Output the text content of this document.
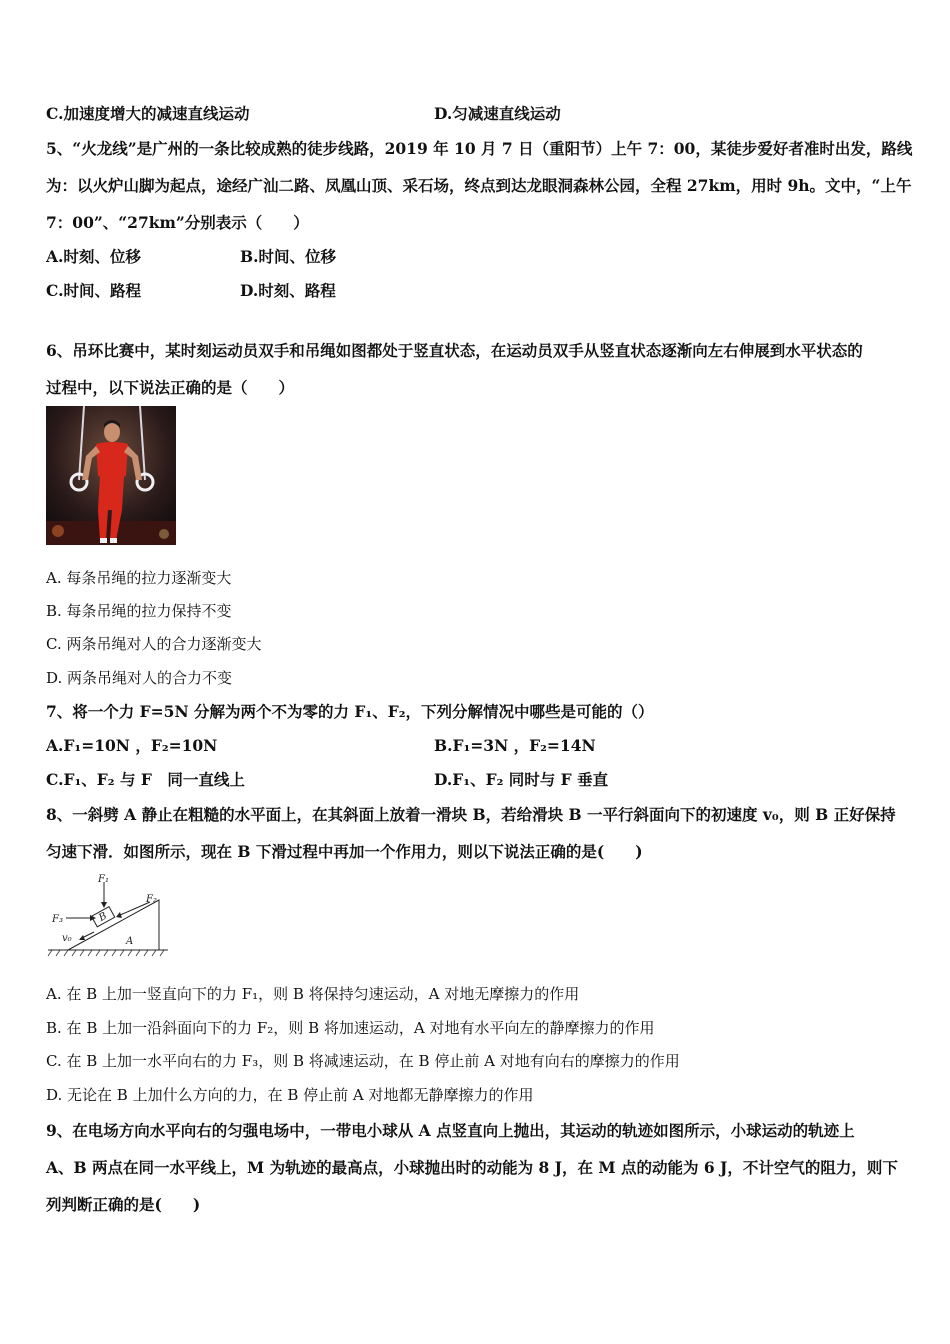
C.加速度增大的减速直线运动	D.匀减速直线运动
5、“火龙线”是广州的一条比较成熟的徒步线路，2019 年 10 月 7 日（重阳节）上午 7：00，某徒步爱好者准时出发，路线
为：以火炉山脚为起点，途经广汕二路、凤凰山顶、采石场，终点到达龙眼洞森林公园，全程 27km，用时 9h。文中，“上午
7：00”、“27km”分别表示（　　）
A.时刻、位移	B.时间、位移
C.时间、路程	D.时刻、路程
6、吊环比赛中，某时刻运动员双手和吊绳如图都处于竖直状态，在运动员双手从竖直状态逐渐向左右伸展到水平状态的
过程中，以下说法正确的是（　　）
A. 每条吊绳的拉力逐渐变大
B. 每条吊绳的拉力保持不变
C. 两条吊绳对人的合力逐渐变大
D. 两条吊绳对人的合力不变
7、将一个力 F=5N 分解为两个不为零的力 F₁、F₂，下列分解情况中哪些是可能的（）
A.F₁=10N ，F₂=10N	B.F₁=3N ，F₂=14N
C.F₁、F₂ 与 F　同一直线上	D.F₁、F₂ 同时与 F 垂直
8、一斜劈 A 静止在粗糙的水平面上，在其斜面上放着一滑块 B，若给滑块 B 一平行斜面向下的初速度 v₀，则 B 正好保持
匀速下滑．如图所示，现在 B 下滑过程中再加一个作用力，则以下说法正确的是(　　)
A
B
F₁
F₂
F₃
v₀
A. 在 B 上加一竖直向下的力 F₁，则 B 将保持匀速运动，A 对地无摩擦力的作用
B. 在 B 上加一沿斜面向下的力 F₂，则 B 将加速运动，A 对地有水平向左的静摩擦力的作用
C. 在 B 上加一水平向右的力 F₃，则 B 将减速运动，在 B 停止前 A 对地有向右的摩擦力的作用
D. 无论在 B 上加什么方向的力，在 B 停止前 A 对地都无静摩擦力的作用
9、在电场方向水平向右的匀强电场中，一带电小球从 A 点竖直向上抛出，其运动的轨迹如图所示，小球运动的轨迹上
A、B 两点在同一水平线上，M 为轨迹的最高点，小球抛出时的动能为 8 J，在 M 点的动能为 6 J，不计空气的阻力，则下
列判断正确的是(　　)
